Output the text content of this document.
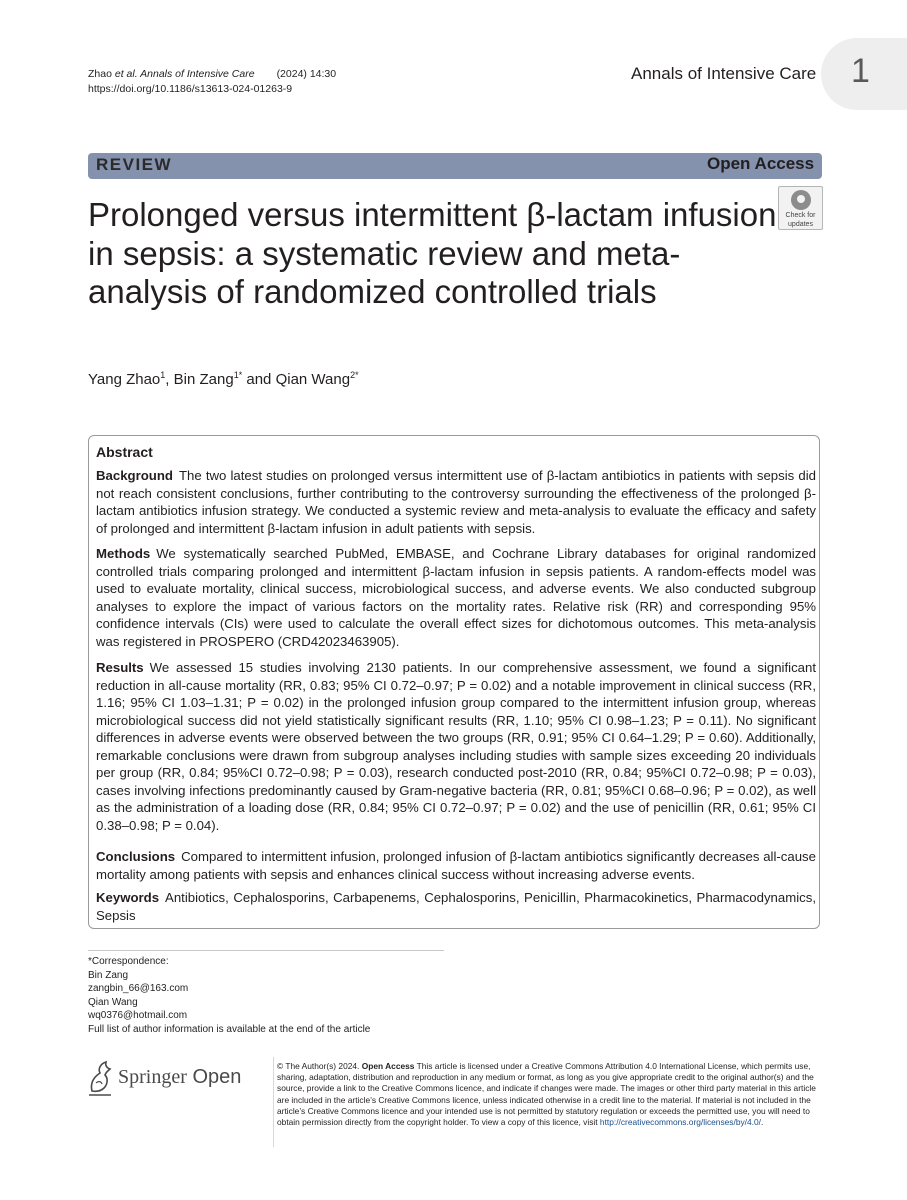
Zhao et al. Annals of Intensive Care (2024) 14:30
https://doi.org/10.1186/s13613-024-01263-9
Annals of Intensive Care 1
REVIEW	Open Access
Check for
updates
Prolonged versus intermittent β-lactam infusion in sepsis: a systematic review and meta-analysis of randomized controlled trials
Yang Zhao$^1$, Bin Zang$^{1*}$ and Qian Wang$^{2*}$
Abstract
Background The two latest studies on prolonged versus intermittent use of β-lactam antibiotics in patients with sepsis did not reach consistent conclusions, further contributing to the controversy surrounding the effectiveness of the prolonged β-lactam antibiotics infusion strategy. We conducted a systemic review and meta-analysis to evaluate the efficacy and safety of prolonged and intermittent β-lactam infusion in adult patients with sepsis.
Methods We systematically searched PubMed, EMBASE, and Cochrane Library databases for original randomized controlled trials comparing prolonged and intermittent β-lactam infusion in sepsis patients. A random-effects model was used to evaluate mortality, clinical success, microbiological success, and adverse events. We also conducted subgroup analyses to explore the impact of various factors on the mortality rates. Relative risk (RR) and corresponding 95% confidence intervals (CIs) were used to calculate the overall effect sizes for dichotomous outcomes. This meta-analysis was registered in PROSPERO (CRD42023463905).
Results We assessed 15 studies involving 2130 patients. In our comprehensive assessment, we found a significant reduction in all-cause mortality (RR, 0.83; 95% CI 0.72–0.97; P = 0.02) and a notable improvement in clinical success (RR, 1.16; 95% CI 1.03–1.31; P = 0.02) in the prolonged infusion group compared to the intermittent infusion group, whereas microbiological success did not yield statistically significant results (RR, 1.10; 95% CI 0.98–1.23; P = 0.11). No significant differences in adverse events were observed between the two groups (RR, 0.91; 95% CI 0.64–1.29; P = 0.60). Additionally, remarkable conclusions were drawn from subgroup analyses including studies with sample sizes exceeding 20 individuals per group (RR, 0.84; 95%CI 0.72–0.98; P = 0.03), research conducted post-2010 (RR, 0.84; 95%CI 0.72–0.98; P = 0.03), cases involving infections predominantly caused by Gram-negative bacteria (RR, 0.81; 95%CI 0.68–0.96; P = 0.02), as well as the administration of a loading dose (RR, 0.84; 95% CI 0.72–0.97; P = 0.02) and the use of penicillin (RR, 0.61; 95% CI 0.38–0.98; P = 0.04).
Conclusions Compared to intermittent infusion, prolonged infusion of β-lactam antibiotics significantly decreases all-cause mortality among patients with sepsis and enhances clinical success without increasing adverse events.
Keywords Antibiotics, Cephalosporins, Carbapenems, Cephalosporins, Penicillin, Pharmacokinetics, Pharmacodynamics, Sepsis
*Correspondence:
Bin Zang
zangbin_66@163.com
Qian Wang
wq0376@hotmail.com
Full list of author information is available at the end of the article
Springer Open	© The Author(s) 2024. Open Access This article is licensed under a Creative Commons Attribution 4.0 International License, which permits use, sharing, adaptation, distribution and reproduction in any medium or format, as long as you give appropriate credit to the original author(s) and the source, provide a link to the Creative Commons licence, and indicate if changes were made. The images or other third party material in this article are included in the article’s Creative Commons licence, unless indicated otherwise in a credit line to the material. If material is not included in the article’s Creative Commons licence and your intended use is not permitted by statutory regulation or exceeds the permitted use, you will need to obtain permission directly from the copyright holder. To view a copy of this licence, visit http://creativecommons.org/licenses/by/4.0/.
